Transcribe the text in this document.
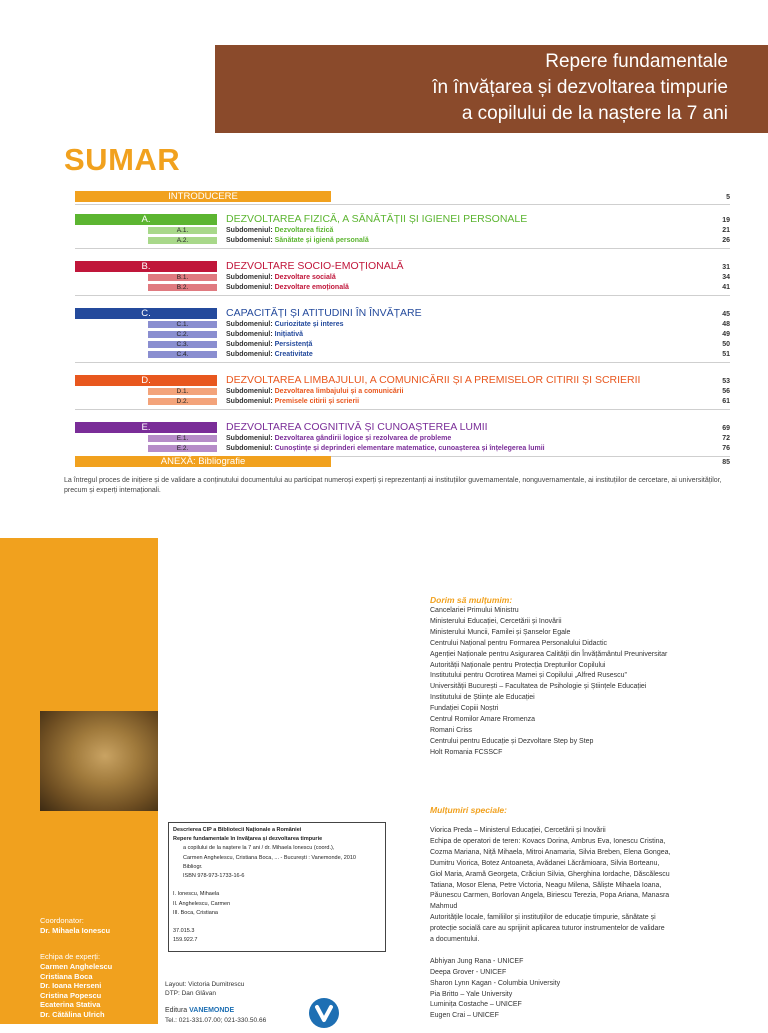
Repere fundamentale
în învățarea și dezvoltarea timpurie
a copilului de la naștere la 7 ani
SUMAR
La întregul proces de inițiere și de validare a conținutului documentului au participat numeroși experți și reprezentanți ai instituțiilor guvernamentale, nonguvernamentale, ai instituțiilor de cercetare, ai universităților, precum și experți internaționali.
Coordonator:
Dr. Mihaela Ionescu
Echipa de experți:
Descrierea CIP a Bibliotecii Naționale a României
Repere fundamentale în învățarea și dezvoltarea timpurie
a copilului de la naștere la 7 ani / dr. Mihaela Ionescu (coord.),
Carmen Anghelescu, Cristiana Boca, ... - București : Vanemonde, 2010
Bibliogr.
ISBN 978-973-1733-16-6
I. Ionescu, Mihaela
II. Anghelescu, Carmen
III. Boca, Cristiana
37.015.3
159.922.7
Layout: Victoria Dumitrescu
DTP: Dan Glăvan
Editura VANEMONDE
Tel.: 021-331.07.00; 021-330.50.66
Dorim să mulțumim:
Mulțumiri speciale:
INTRODUCERE	5
A.	DEZVOLTAREA FIZICĂ, A SĂNĂTĂȚII ȘI IGIENEI PERSONALE	19
A.1.	Subdomeniul: Dezvoltarea fizică	21
A.2.	Subdomeniul: Sănătate și igienă personală	26
B.	DEZVOLTARE SOCIO-EMOȚIONALĂ	31
B.1.	Subdomeniul: Dezvoltare socială	34
B.2.	Subdomeniul: Dezvoltare emoțională	41
C.	CAPACITĂȚI ȘI ATITUDINI ÎN ÎNVĂȚARE	45
C.1.	Subdomeniul: Curiozitate și interes	48
C.2.	Subdomeniul: Inițiativă	49
C.3.	Subdomeniul: Persistență	50
C.4.	Subdomeniul: Creativitate	51
D.	DEZVOLTAREA LIMBAJULUI, A COMUNICĂRII ȘI A PREMISELOR CITIRII ȘI SCRIERII	53
D.1.	Subdomeniul: Dezvoltarea limbajului și a comunicării	56
D.2.	Subdomeniul: Premisele citirii și scrierii	61
E.	DEZVOLTAREA COGNITIVĂ ȘI CUNOAȘTEREA LUMII	69
E.1.	Subdomeniul: Dezvoltarea gândirii logice și rezolvarea de probleme	72
E.2.	Subdomeniul: Cunoștințe și deprinderi elementare matematice, cunoașterea și înțelegerea lumii	76
ANEXĂ: Bibliografie	85
Carmen Anghelescu
Cristiana Boca
Dr. Ioana Herseni
Cristina Popescu
Ecaterina Stativa
Dr. Cătălina Ulrich
Cancelariei Primului Ministru
Ministerului Educației, Cercetării și Inovării
Ministerului Muncii, Familei și Șanselor Egale
Centrului Național pentru Formarea Personalului Didactic
Agenției Naționale pentru Asigurarea Calității din Învățământul Preuniversitar
Autorității Naționale pentru Protecția Drepturilor Copilului
Institutului pentru Ocrotirea Mamei și Copilului „Alfred Rusescu”
Universității București – Facultatea de Psihologie și Științele Educației
Institutului de Științe ale Educației
Fundației Copiii Noștri
Centrul Romilor Amare Rromenza
Romani Criss
Centrului pentru Educație și Dezvoltare Step by Step
Holt Romania FCSSCF
Viorica Preda – Ministerul Educației, Cercetării și Inovării
Echipa de operatori de teren: Kovacs Dorina, Ambrus Eva, Ionescu Cristina,
Cozma Mariana, Niță Mihaela, Mitroi Anamaria, Silvia Breben, Elena Gongea,
Dumitru Viorica, Botez Antoaneta, Avădanei Lăcrămioara, Silvia Borteanu,
Giol Maria, Aramă Georgeta, Crăciun Silvia, Gherghina Iordache, Dăscălescu
Tatiana, Mosor Elena, Petre Victoria, Neagu Milena, Săliște Mihaela Ioana,
Păunescu Carmen, Borlovan Angela, Biriescu Terezia, Popa Ariana, Manasra
Mahmud
Autoritățile locale, familiilor și instituțiilor de educație timpurie, sănătate și
protecție socială care au sprijinit aplicarea tuturor instrumentelor de validare
a documentului.
Abhiyan Jung Rana - UNICEF
Deepa Grover - UNICEF
Sharon Lynn Kagan - Columbia University
Pia Britto – Yale University
Luminița Costache – UNICEF
Eugen Crai – UNICEF
